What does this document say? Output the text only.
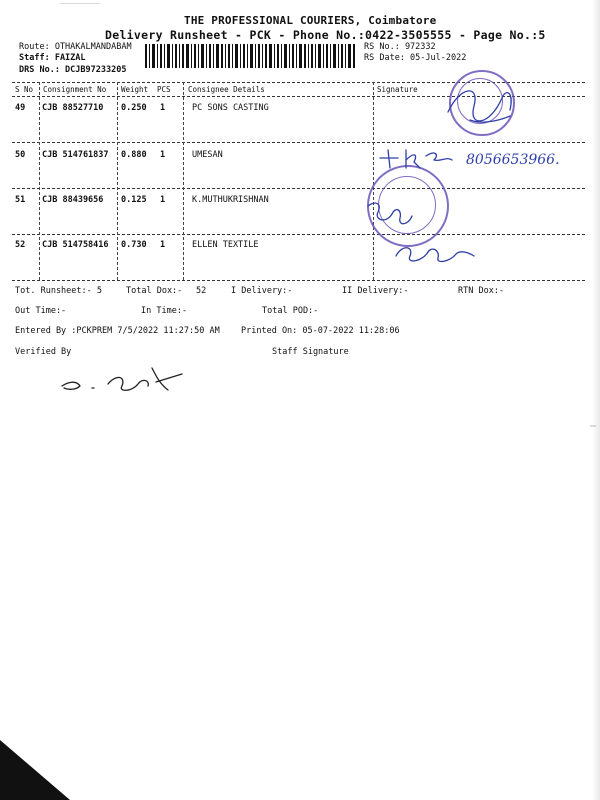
THE PROFESSIONAL COURIERS, Coimbatore
Delivery Runsheet - PCK - Phone No.:0422-3505555 - Page No.:5
Route: OTHAKALMANDABAM
Staff: FAIZAL
DRS No.: DCJB97233205
RS No.: 972332
RS Date: 05-Jul-2022
S No Consignment No Weight PCS Consignee Details	Signature
49 CJB 88527710 0.250 1	PC SONS CASTING
50 CJB 514761837 0.880 1	UMESAN
51 CJB 88439656 0.125 1	K.MUTHUKRISHNAN
52 CJB 514758416 0.730 1	ELLEN TEXTILE
8056653966.
Tot. Runsheet:- 5	Total Dox:- 52	I Delivery:-	II Delivery:-	RTN Dox:-
Out Time:-	In Time:-	Total POD:-
Entered By :PCKPREM 7/5/2022 11:27:50 AM	Printed On: 05-07-2022 11:28:06
Verified By	Staff Signature
